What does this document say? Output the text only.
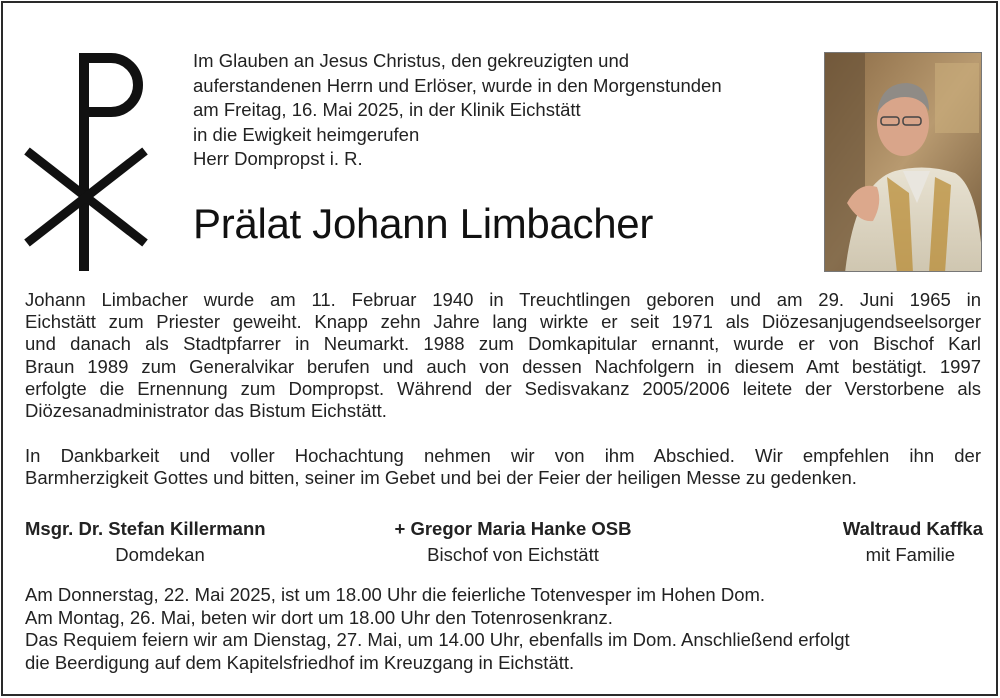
Im Glauben an Jesus Christus, den gekreuzigten und
auferstandenen Herrn und Erlöser, wurde in den Morgenstunden
am Freitag, 16. Mai 2025, in der Klinik Eichstätt
in die Ewigkeit heimgerufen
Herr Dompropst i. R.
Prälat Johann Limbacher
Johann Limbacher wurde am 11. Februar 1940 in Treuchtlingen geboren und am 29. Juni 1965 in
Eichstätt zum Priester geweiht. Knapp zehn Jahre lang wirkte er seit 1971 als Diözesanjugendseelsorger
und danach als Stadtpfarrer in Neumarkt. 1988 zum Domkapitular ernannt, wurde er von Bischof Karl
Braun 1989 zum Generalvikar berufen und auch von dessen Nachfolgern in diesem Amt bestätigt. 1997
erfolgte die Ernennung zum Dompropst. Während der Sedisvakanz 2005/2006 leitete der Verstorbene als
Diözesanadministrator das Bistum Eichstätt.
In Dankbarkeit und voller Hochachtung nehmen wir von ihm Abschied. Wir empfehlen ihn der
Barmherzigkeit Gottes und bitten, seiner im Gebet und bei der Feier der heiligen Messe zu gedenken.
Msgr. Dr. Stefan Killermann
Domdekan
+ Gregor Maria Hanke OSB
Bischof von Eichstätt
Waltraud Kaffka
mit Familie
Am Donnerstag, 22. Mai 2025, ist um 18.00 Uhr die feierliche Totenvesper im Hohen Dom.
Am Montag, 26. Mai, beten wir dort um 18.00 Uhr den Totenrosenkranz.
Das Requiem feiern wir am Dienstag, 27. Mai, um 14.00 Uhr, ebenfalls im Dom. Anschließend erfolgt
die Beerdigung auf dem Kapitelsfriedhof im Kreuzgang in Eichstätt.
